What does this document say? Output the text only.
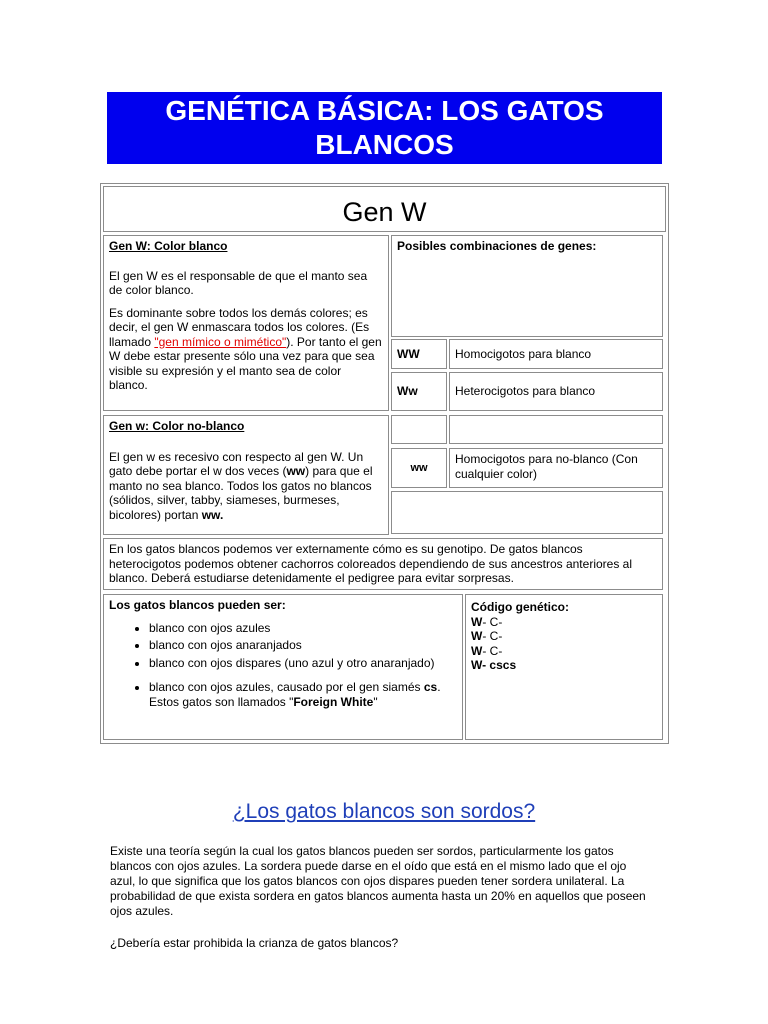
GENÉTICA BÁSICA: LOS GATOS
BLANCOS
Gen W
Gen W: Color blanco
El gen W es el responsable de que el manto sea de color blanco.
Es dominante sobre todos los demás colores; es decir, el gen W enmascara todos los colores. (Es llamado "gen mímico o mimético"). Por tanto el gen W debe estar presente sólo una vez para que sea visible su expresión y el manto sea de color blanco.
Posibles combinaciones de genes:
WW	Homocigotos para blanco
Ww	Heterocigotos para blanco
Gen w: Color no-blanco
El gen w es recesivo con respecto al gen W. Un gato debe portar el w dos veces (ww) para que el manto no sea blanco. Todos los gatos no blancos (sólidos, silver, tabby, siameses, burmeses, bicolores) portan ww.
ww
Homocigotos para no-blanco (Con cualquier color)
En los gatos blancos podemos ver externamente cómo es su genotipo. De gatos blancos heterocigotos podemos obtener cachorros coloreados dependiendo de sus ancestros anteriores al blanco. Deberá estudiarse detenidamente el pedigree para evitar sorpresas.
Los gatos blancos pueden ser:
• blanco con ojos azules
• blanco con ojos anaranjados
• blanco con ojos dispares (uno azul y otro anaranjado)
• blanco con ojos azules, causado por el gen siamés cs. Estos gatos son llamados "Foreign White"
Código genético:
W- C-
W- C-
W- C-
W- cscs
¿Los gatos blancos son sordos?
Existe una teoría según la cual los gatos blancos pueden ser sordos, particularmente los gatos blancos con ojos azules. La sordera puede darse en el oído que está en el mismo lado que el ojo azul, lo que significa que los gatos blancos con ojos dispares pueden tener sordera unilateral. La probabilidad de que exista sordera en gatos blancos aumenta hasta un 20% en aquellos que poseen ojos azules.
¿Debería estar prohibida la crianza de gatos blancos?
